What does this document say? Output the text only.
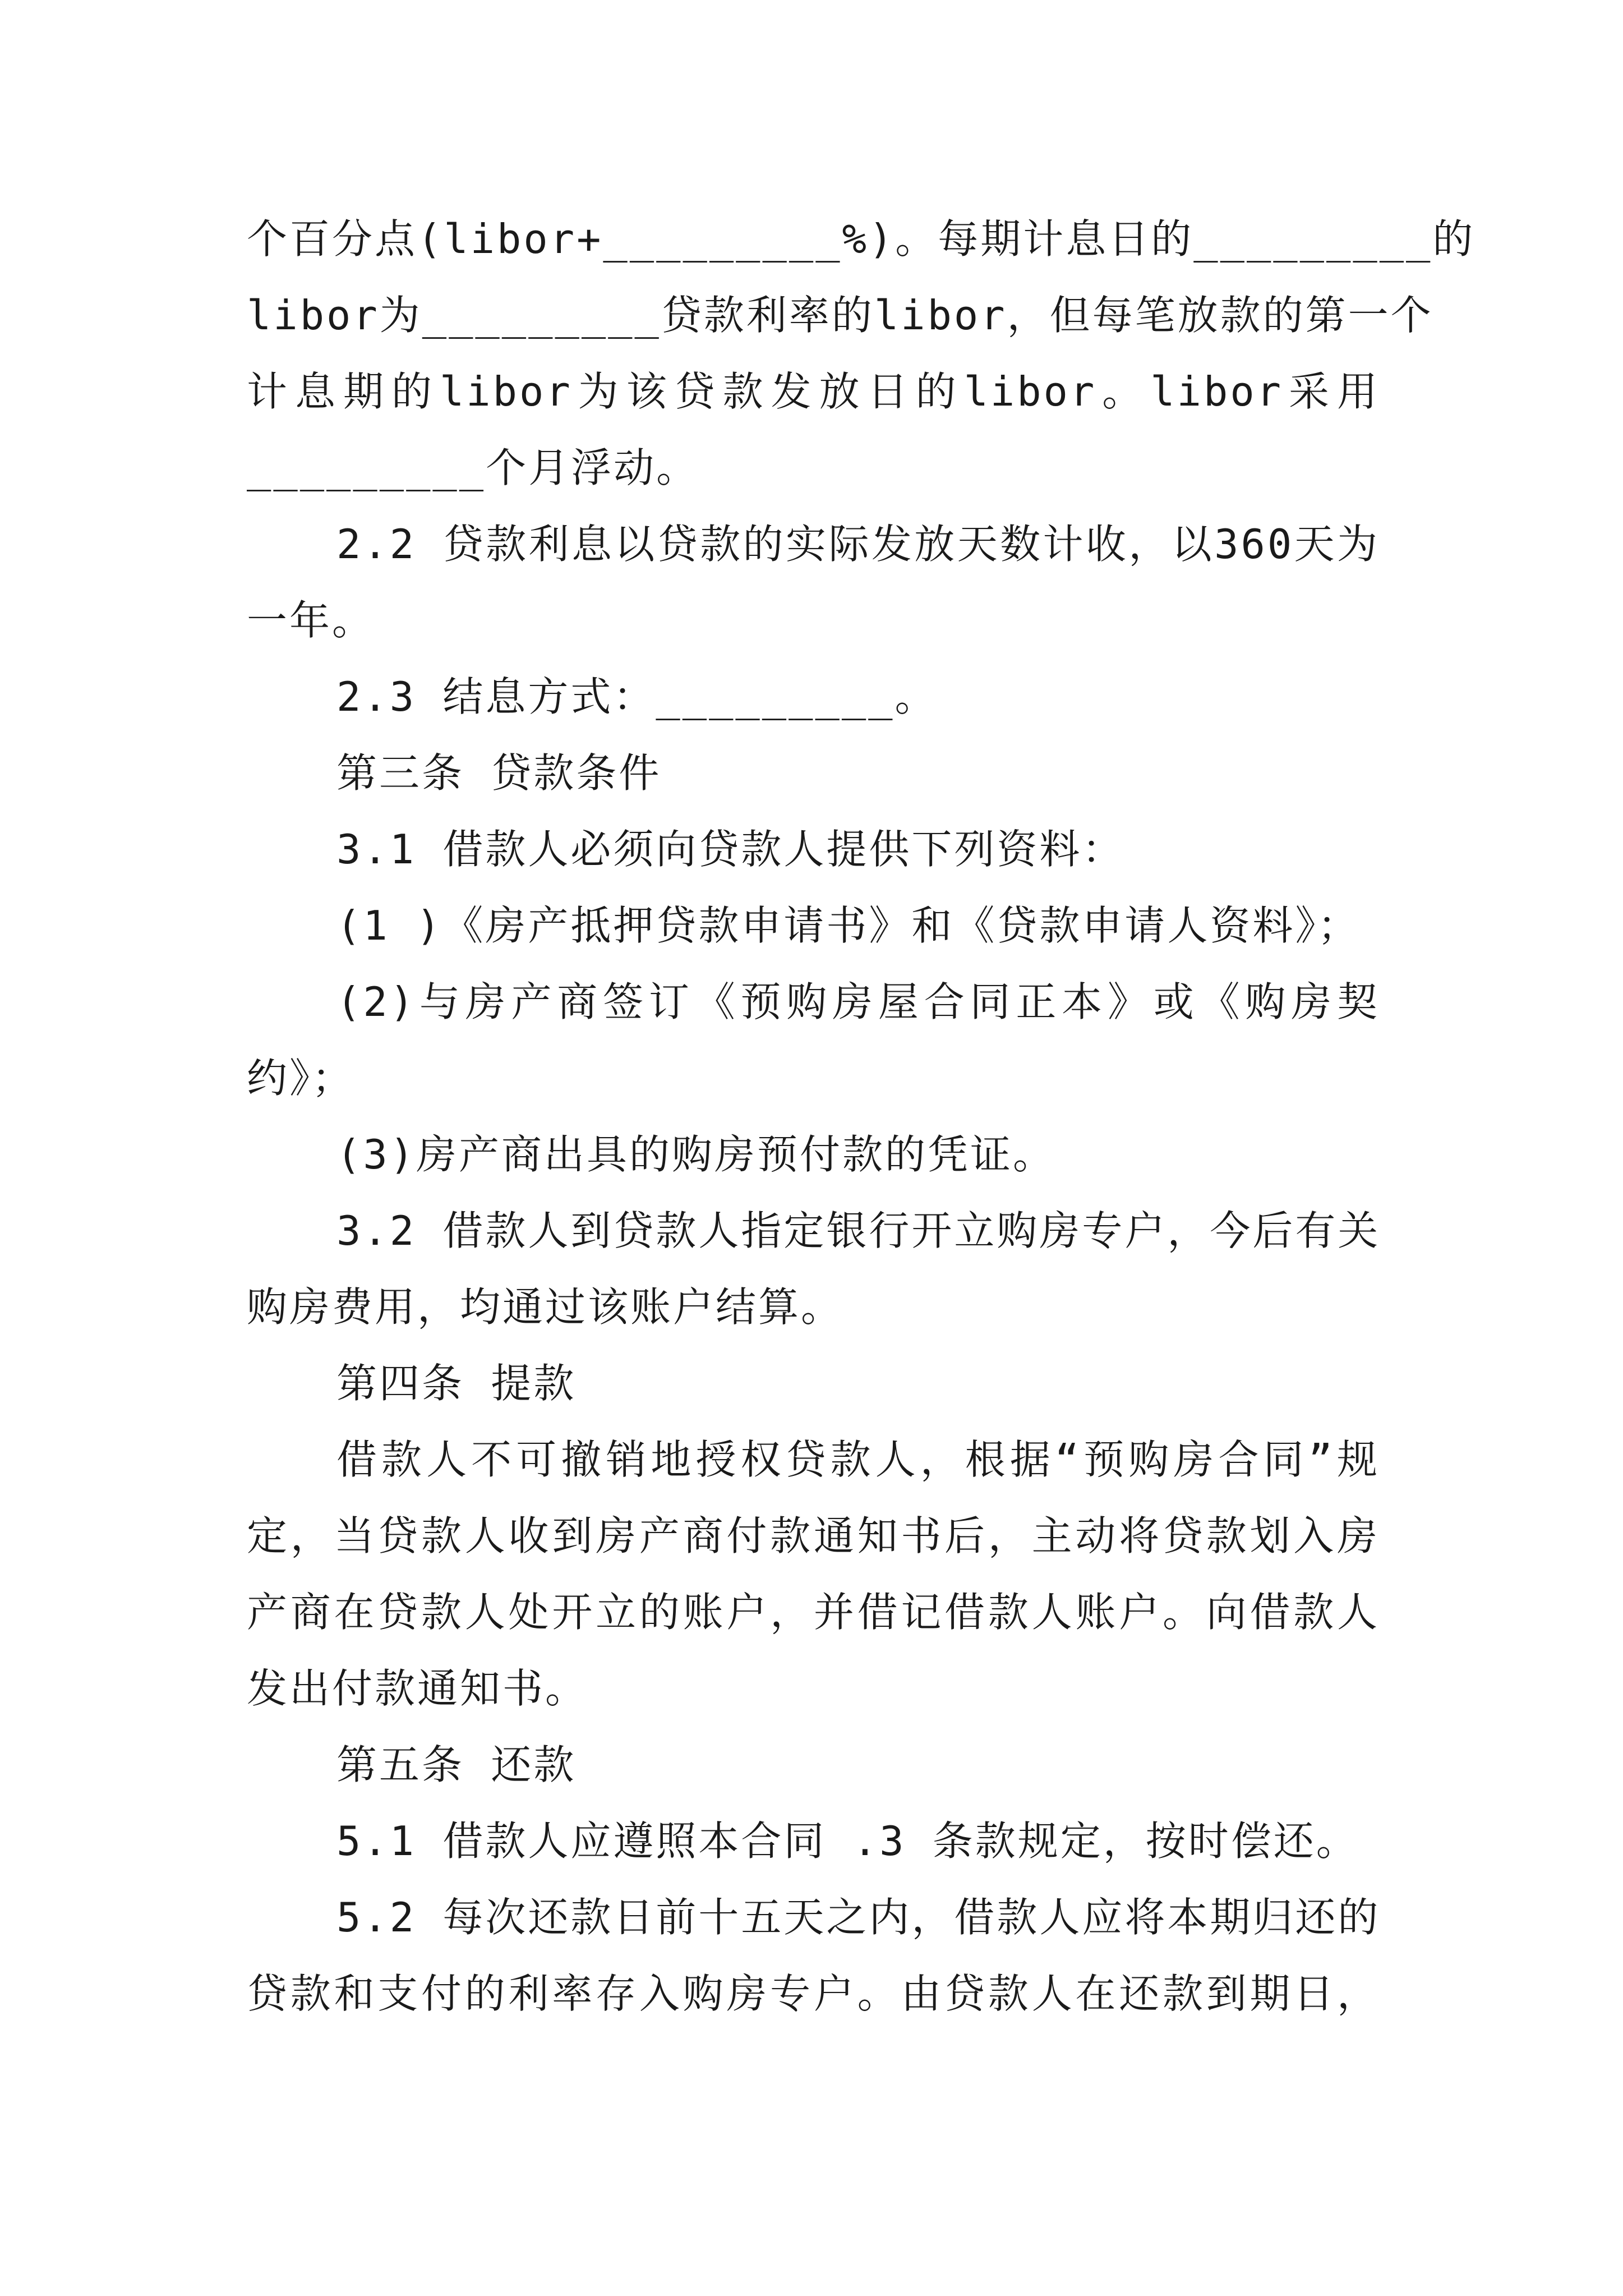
个百分点(libor+_________%)。每期计息日的_________的
libor为_________贷款利率的libor，但每笔放款的第一个
计息期的libor为该贷款发放日的libor。libor采用
_________个月浮动。
2.2 贷款利息以贷款的实际发放天数计收，以360天为
一年。
2.3 结息方式：_________。
第三条 贷款条件
3.1 借款人必须向贷款人提供下列资料：
(1 )《房产抵押贷款申请书》和《贷款申请人资料》；
(2)与房产商签订《预购房屋合同正本》或《购房契
约》；
(3)房产商出具的购房预付款的凭证。
3.2 借款人到贷款人指定银行开立购房专户，今后有关
购房费用，均通过该账户结算。
第四条 提款
借款人不可撤销地授权贷款人，根据“预购房合同”规
定，当贷款人收到房产商付款通知书后，主动将贷款划入房
产商在贷款人处开立的账户，并借记借款人账户。向借款人
发出付款通知书。
第五条 还款
5.1 借款人应遵照本合同 .3 条款规定，按时偿还。
5.2 每次还款日前十五天之内，借款人应将本期归还的
贷款和支付的利率存入购房专户。由贷款人在还款到期日，
